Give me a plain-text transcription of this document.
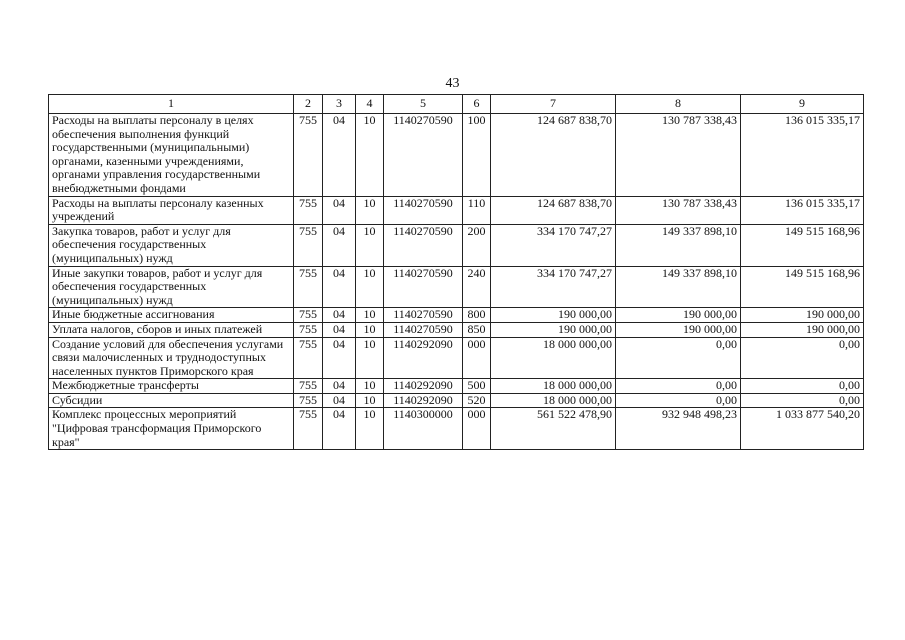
43
1	2	3	4	5	6	7	8	9
Расходы на выплаты персоналу в целях обеспечения выполнения функций государственными (муниципальными) органами, казенными учреждениями, органами управления государственными внебюджетными фондами	755	04	10	1140270590	100	124 687 838,70	130 787 338,43	136 015 335,17
Расходы на выплаты персоналу казенных учреждений	755	04	10	1140270590	110	124 687 838,70	130 787 338,43	136 015 335,17
Закупка товаров, работ и услуг для обеспечения государственных (муниципальных) нужд	755	04	10	1140270590	200	334 170 747,27	149 337 898,10	149 515 168,96
Иные закупки товаров, работ и услуг для обеспечения государственных (муниципальных) нужд	755	04	10	1140270590	240	334 170 747,27	149 337 898,10	149 515 168,96
Иные бюджетные ассигнования	755	04	10	1140270590	800	190 000,00	190 000,00	190 000,00
Уплата налогов, сборов и иных платежей	755	04	10	1140270590	850	190 000,00	190 000,00	190 000,00
Создание условий для обеспечения услугами связи малочисленных и труднодоступных населенных пунктов Приморского края	755	04	10	1140292090	000	18 000 000,00	0,00	0,00
Межбюджетные трансферты	755	04	10	1140292090	500	18 000 000,00	0,00	0,00
Субсидии	755	04	10	1140292090	520	18 000 000,00	0,00	0,00
Комплекс процессных мероприятий "Цифровая трансформация Приморского края"	755	04	10	1140300000	000	561 522 478,90	932 948 498,23	1 033 877 540,20
